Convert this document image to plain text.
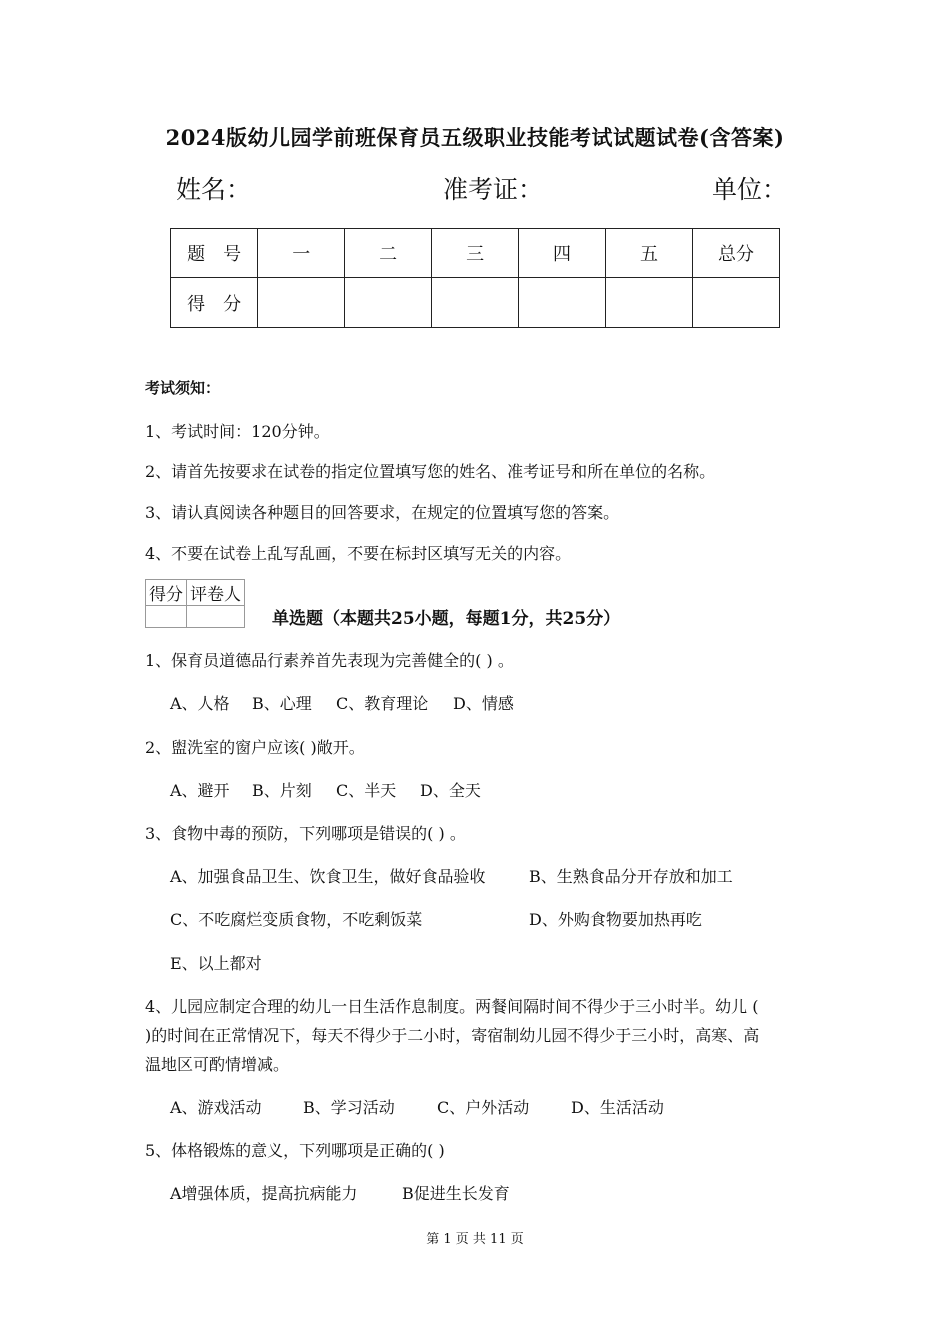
2024版幼儿园学前班保育员五级职业技能考试试题试卷(含答案)
姓名：	准考证：	单位：
题　号	一	二	三	四	五	总分
得　分						
考试须知：
1、考试时间：120分钟。
2、请首先按要求在试卷的指定位置填写您的姓名、准考证号和所在单位的名称。
3、请认真阅读各种题目的回答要求，在规定的位置填写您的答案。
4、不要在试卷上乱写乱画，不要在标封区填写无关的内容。
得分	评卷人

单选题（本题共25小题，每题1分，共25分）
1、保育员道德品行素养首先表现为完善健全的( ) 。
A、人格 B、心理 C、教育理论 D、情感
2、盥洗室的窗户应该( )敞开。
A、避开 B、片刻 C、半天 D、全天
3、食物中毒的预防，下列哪项是错误的( ) 。
A、加强食品卫生、饮食卫生，做好食品验收	B、生熟食品分开存放和加工
C、不吃腐烂变质食物，不吃剩饭菜	D、外购食物要加热再吃
E、以上都对
4、儿园应制定合理的幼儿一日生活作息制度。两餐间隔时间不得少于三小时半。幼儿 (
)的时间在正常情况下，每天不得少于二小时，寄宿制幼儿园不得少于三小时，高寒、高
温地区可酌情增减。
A、游戏活动	B、学习活动	C、户外活动	D、生活活动
5、体格锻炼的意义，下列哪项是正确的( )
A增强体质，提高抗病能力	B促进生长发育
第 1 页 共 11 页
